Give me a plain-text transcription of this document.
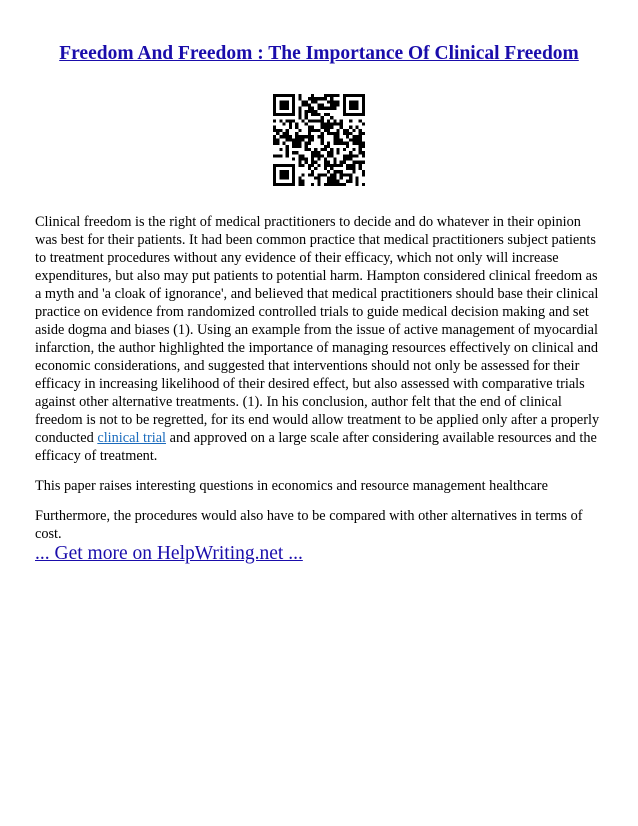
Freedom And Freedom : The Importance Of Clinical Freedom

Clinical freedom is the right of medical practitioners to decide and do whatever in their opinion was best for their patients. It had been common practice that medical practitioners subject patients to treatment procedures without any evidence of their efficacy, which not only will increase expenditures, but also may put patients to potential harm. Hampton considered clinical freedom as a myth and 'a cloak of ignorance', and believed that medical practitioners should base their clinical practice on evidence from randomized controlled trials to guide medical decision making and set aside dogma and biases (1). Using an example from the issue of active management of myocardial infarction, the author highlighted the importance of managing resources effectively on clinical and economic considerations, and suggested that interventions should not only be assessed for their efficacy in increasing likelihood of their desired effect, but also assessed with comparative trials against other alternative treatments. (1). In his conclusion, author felt that the end of clinical freedom is not to be regretted, for its end would allow treatment to be applied only after a properly conducted clinical trial and approved on a large scale after considering available resources and the efficacy of treatment.

This paper raises interesting questions in economics and resource management healthcare

Furthermore, the procedures would also have to be compared with other alternatives in terms of cost.

... Get more on HelpWriting.net ...
